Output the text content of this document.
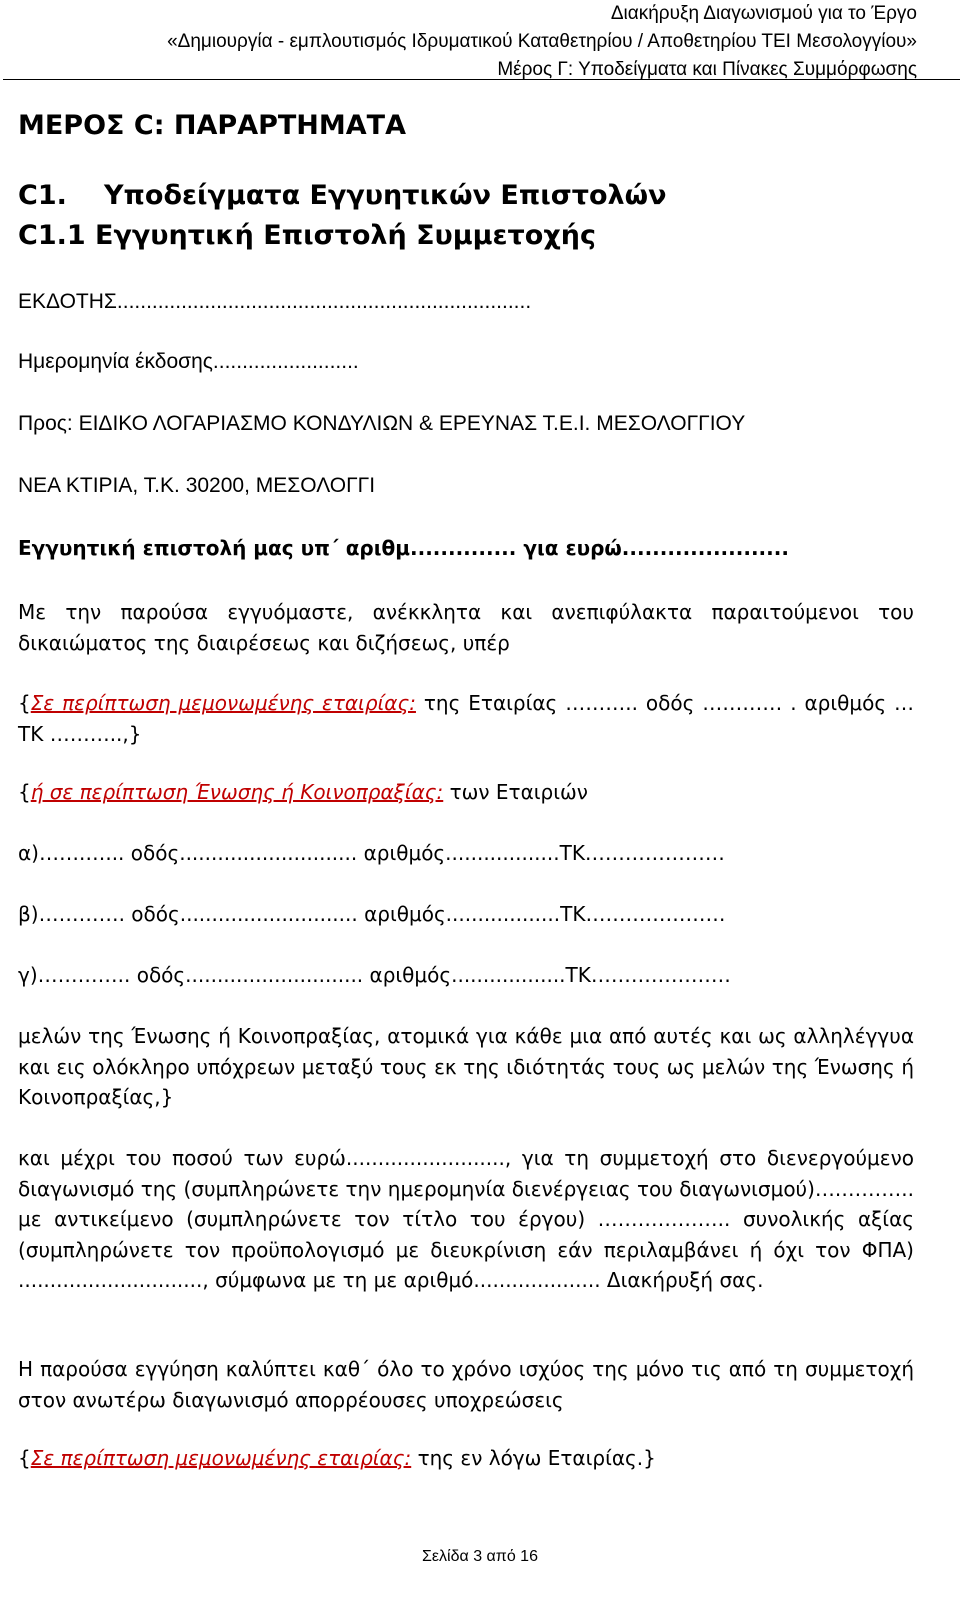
Διακήρυξη Διαγωνισμού για το Έργο
«Δημιουργία - εμπλουτισμός Ιδρυματικού Καταθετηρίου / Αποθετηρίου ΤΕΙ Μεσολογγίου»
Μέρος Γ: Υποδείγματα και Πίνακες Συμμόρφωσης
ΜΕΡΟΣ C: ΠΑΡΑΡΤΗΜΑΤΑ
C1. Υποδείγματα Εγγυητικών Επιστολών
C1.1 Εγγυητική Επιστολή Συμμετοχής
ΕΚΔΟΤΗΣ.......................................................................
Ημερομηνία έκδοσης.........................
Προς: ΕΙΔΙΚΟ ΛΟΓΑΡΙΑΣΜΟ ΚΟΝΔΥΛΙΩΝ & ΕΡΕΥΝΑΣ Τ.Ε.Ι. ΜΕΣΟΛΟΓΓΙΟΥ
ΝΕΑ ΚΤΙΡΙΑ, Τ.Κ. 30200, ΜΕΣΟΛΟΓΓΙ
Εγγυητική επιστολή μας υπ΄ αριθμ.............. για ευρώ......................
Με την παρούσα εγγυόμαστε, ανέκκλητα και ανεπιφύλακτα παραιτούμενοι του δικαιώματος της διαιρέσεως και διζήσεως, υπέρ
{Σε περίπτωση μεμονωμένης εταιρίας: της Εταιρίας ……….. οδός ………… . αριθμός … ΤΚ ………..,}
{ή σε περίπτωση Ένωσης ή Κοινοπραξίας: των Εταιριών
α)…….…... οδός............................ αριθμός..................ΤΚ…………………
β)…………. οδός............................ αριθμός..................ΤΚ…………………
γ)………….. οδός............................ αριθμός..................ΤΚ…………………
μελών της Ένωσης ή Κοινοπραξίας, ατομικά για κάθε μια από αυτές και ως αλληλέγγυα και εις ολόκληρο υπόχρεων μεταξύ τους εκ της ιδιότητάς τους ως μελών της Ένωσης ή Κοινοπραξίας,}
και μέχρι του ποσού των ευρώ........................., για τη συμμετοχή στο διενεργούμενο διαγωνισμό της (συμπληρώνετε την ημερομηνία διενέργειας του διαγωνισμού)….……….. με αντικείμενο (συμπληρώνετε τον τίτλο του έργου) ……………….. συνολικής αξίας (συμπληρώνετε τον προϋπολογισμό με διευκρίνιση εάν περιλαμβάνει ή όχι τον ΦΠΑ) ............................., σύμφωνα με τη με αριθμό.................... Διακήρυξή σας.
Η παρούσα εγγύηση καλύπτει καθ΄ όλο το χρόνο ισχύος της μόνο τις από τη συμμετοχή στον ανωτέρω διαγωνισμό απορρέουσες υποχρεώσεις
{Σε περίπτωση μεμονωμένης εταιρίας: της εν λόγω Εταιρίας.}
Σελίδα 3 από 16
